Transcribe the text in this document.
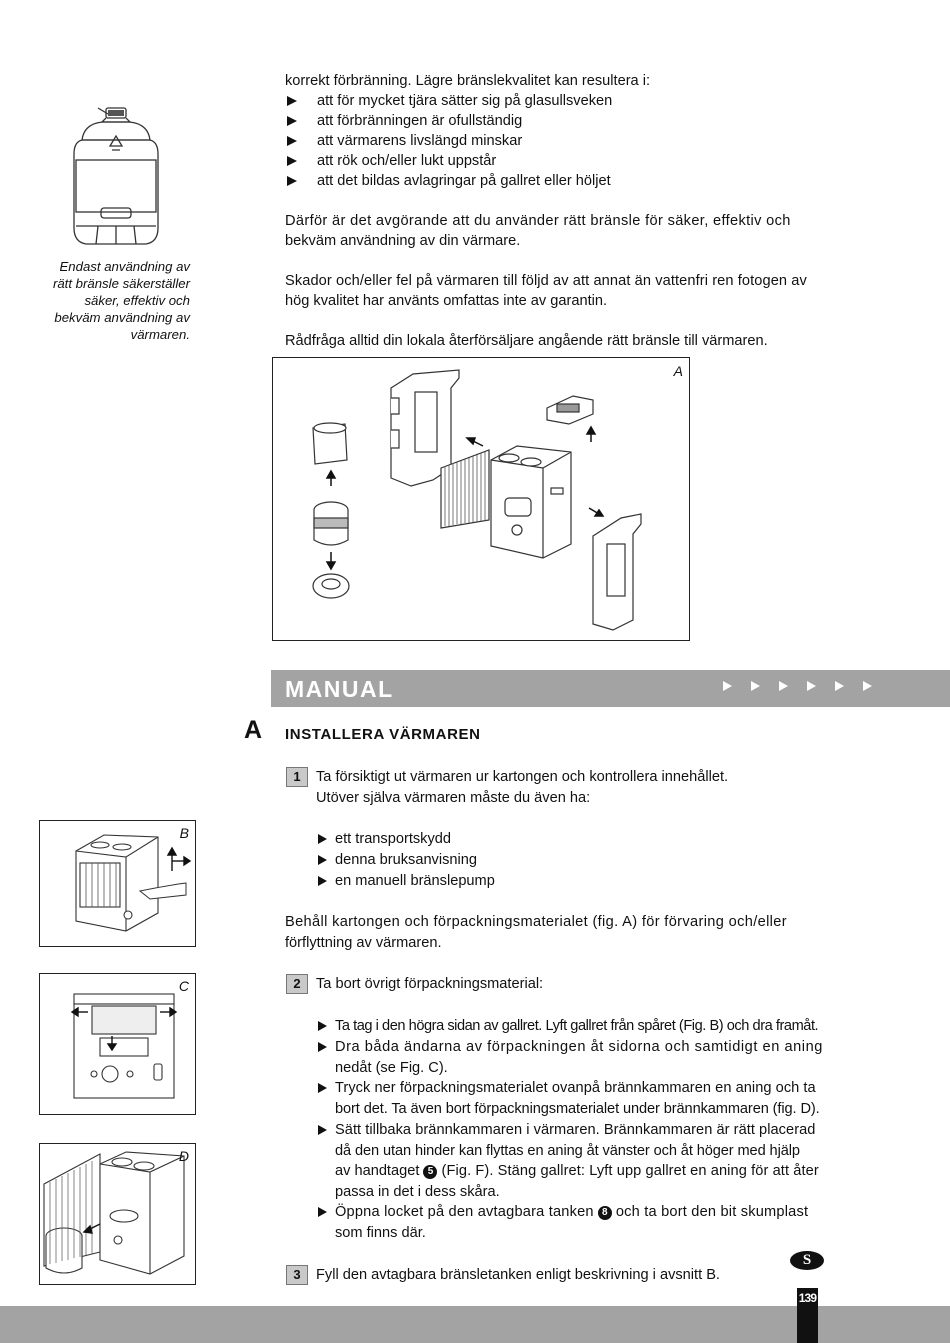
korrekt förbränning. Lägre bränslekvalitet kan resultera i:
att för mycket tjära sätter sig på glasullsveken
att förbränningen är ofullständig
att värmarens livslängd minskar
att rök och/eller lukt uppstår
att det bildas avlagringar på gallret eller höljet
Därför är det avgörande att du använder rätt bränsle för säker, effektiv och
bekväm användning av din värmare.
Skador och/eller fel på värmaren till följd av att annat än vattenfri ren fotogen av
hög kvalitet har använts omfattas inte av garantin.
Rådfråga alltid din lokala återförsäljare angående rätt bränsle till värmaren.
Endast användning av
rätt bränsle säkerställer
säker, effektiv och
bekväm användning av
värmaren.
A
MANUAL
A INSTALLERA VÄRMAREN
1	Ta försiktigt ut värmaren ur kartongen och kontrollera innehållet.
Utöver själva värmaren måste du även ha:
ett transportskydd
denna bruksanvisning
en manuell bränslepump
Behåll kartongen och förpackningsmaterialet (fig. A) för förvaring och/eller
förflyttning av värmaren.
2	Ta bort övrigt förpackningsmaterial:
Ta tag i den högra sidan av gallret. Lyft gallret från spåret (Fig. B) och dra framåt.
Dra båda ändarna av förpackningen åt sidorna och samtidigt en aning
nedåt (se Fig. C).
Tryck ner förpackningsmaterialet ovanpå brännkammaren en aning och ta
bort det. Ta även bort förpackningsmaterialet under brännkammaren (fig. D).
Sätt tillbaka brännkammaren i värmaren. Brännkammaren är rätt placerad
då den utan hinder kan flyttas en aning åt vänster och åt höger med hjälp
av handtaget 5 (Fig. F). Stäng gallret: Lyft upp gallret en aning för att åter
passa in det i dess skåra.
Öppna locket på den avtagbara tanken 8 och ta bort den bit skumplast
som finns där.
3	Fyll den avtagbara bränsletanken enligt beskrivning i avsnitt B.
B
C
D
S
139
